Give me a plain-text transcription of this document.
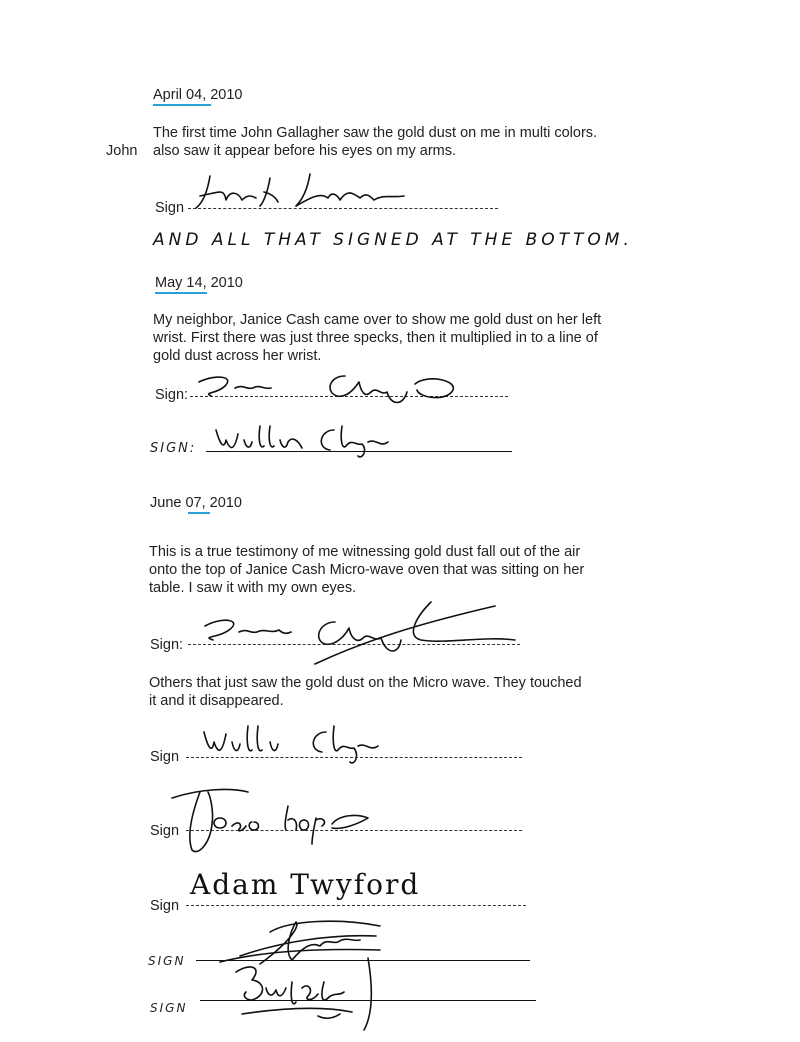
April 04, 2010

John

The first time John Gallagher saw the gold dust on me in multi colors.

also saw it appear before his eyes on my arms.

Sign
AND ALL THAT SIGNED AT THE BOTTOM.
May 14, 2010

My neighbor, Janice Cash came over to show me gold dust on her left

wrist. First there was just three specks, then it multiplied in to a line of

gold dust across her wrist.

Sign:
SIGN:
June 07, 2010

This is a true testimony of me witnessing gold dust fall out of the air

onto the top of Janice Cash Micro-wave oven that was sitting on her

table. I saw it with my own eyes.

Sign:

Others that just saw the gold dust on the Micro wave. They touched

it and it disappeared.

Sign
Sign
Sign
Adam Twyford
SIGN
SIGN
